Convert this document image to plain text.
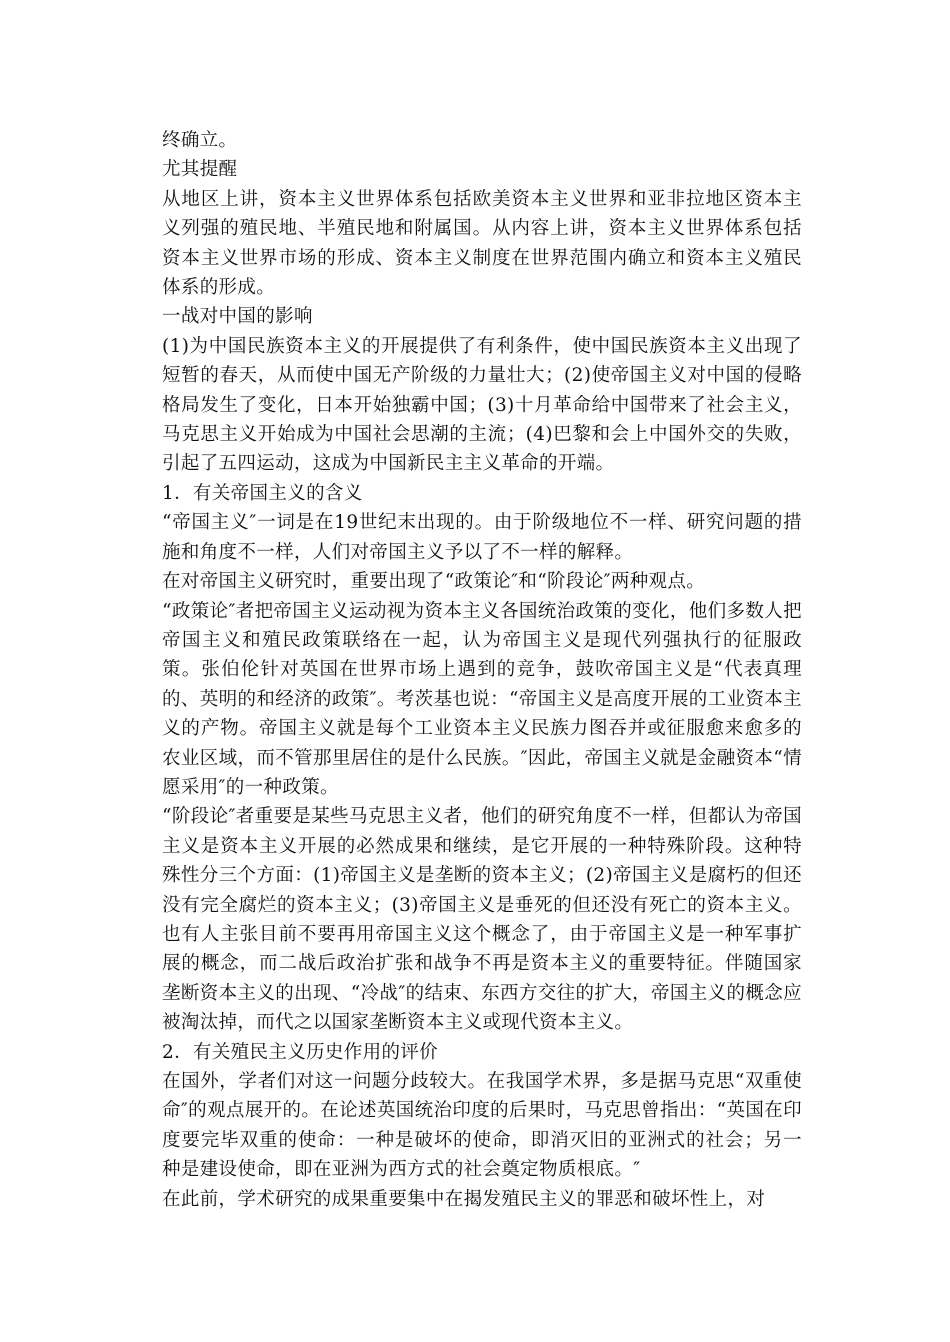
终确立。

尤其提醒

从地区上讲，资本主义世界体系包括欧美资本主义世界和亚非拉地区资本主义列强的殖民地、半殖民地和附属国。从内容上讲，资本主义世界体系包括资本主义世界市场的形成、资本主义制度在世界范围内确立和资本主义殖民体系的形成。

一战对中国的影响

(1)为中国民族资本主义的开展提供了有利条件，使中国民族资本主义出现了短暂的春天，从而使中国无产阶级的力量壮大；(2)使帝国主义对中国的侵略格局发生了变化，日本开始独霸中国；(3)十月革命给中国带来了社会主义，马克思主义开始成为中国社会思潮的主流；(4)巴黎和会上中国外交的失败，引起了五四运动，这成为中国新民主主义革命的开端。

1．有关帝国主义的含义

“帝国主义″一词是在19世纪末出现的。由于阶级地位不一样、研究问题的措施和角度不一样，人们对帝国主义予以了不一样的解释。

在对帝国主义研究时，重要出现了“政策论″和“阶段论″两种观点。

“政策论″者把帝国主义运动视为资本主义各国统治政策的变化，他们多数人把帝国主义和殖民政策联络在一起，认为帝国主义是现代列强执行的征服政策。张伯伦针对英国在世界市场上遇到的竞争，鼓吹帝国主义是“代表真理的、英明的和经济的政策″。考茨基也说：“帝国主义是高度开展的工业资本主义的产物。帝国主义就是每个工业资本主义民族力图吞并或征服愈来愈多的农业区域，而不管那里居住的是什么民族。″因此，帝国主义就是金融资本“情愿采用″的一种政策。

“阶段论″者重要是某些马克思主义者，他们的研究角度不一样，但都认为帝国主义是资本主义开展的必然成果和继续，是它开展的一种特殊阶段。这种特殊性分三个方面：(1)帝国主义是垄断的资本主义；(2)帝国主义是腐朽的但还没有完全腐烂的资本主义；(3)帝国主义是垂死的但还没有死亡的资本主义。也有人主张目前不要再用帝国主义这个概念了，由于帝国主义是一种军事扩展的概念，而二战后政治扩张和战争不再是资本主义的重要特征。伴随国家垄断资本主义的出现、“冷战″的结束、东西方交往的扩大，帝国主义的概念应被淘汰掉，而代之以国家垄断资本主义或现代资本主义。

2．有关殖民主义历史作用的评价

在国外，学者们对这一问题分歧较大。在我国学术界，多是据马克思“双重使命″的观点展开的。在论述英国统治印度的后果时，马克思曾指出：“英国在印度要完毕双重的使命：一种是破坏的使命，即消灭旧的亚洲式的社会；另一种是建设使命，即在亚洲为西方式的社会奠定物质根底。″

在此前，学术研究的成果重要集中在揭发殖民主义的罪恶和破坏性上，对
